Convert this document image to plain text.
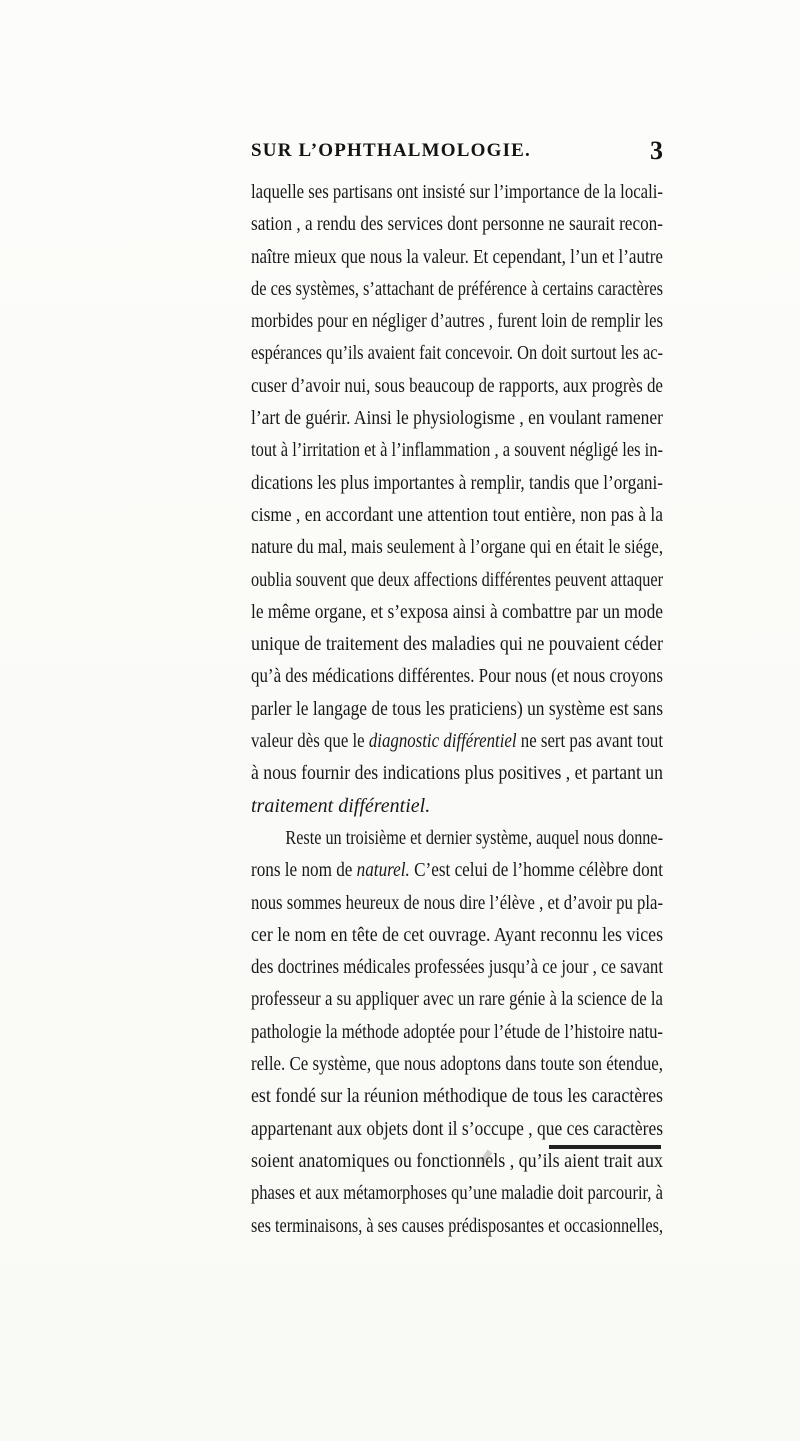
SUR L’OPHTHALMOLOGIE.	3

laquelle ses partisans ont insisté sur l’importance de la locali-
sation , a rendu des services dont personne ne saurait recon-
naître mieux que nous la valeur. Et cependant, l’un et l’autre
de ces systèmes, s’attachant de préférence à certains caractères
morbides pour en négliger d’autres , furent loin de remplir les
espérances qu’ils avaient fait concevoir. On doit surtout les ac-
cuser d’avoir nui, sous beaucoup de rapports, aux progrès de
l’art de guérir. Ainsi le physiologisme , en voulant ramener
tout à l’irritation et à l’inflammation , a souvent négligé les in-
dications les plus importantes à remplir, tandis que l’organi-
cisme , en accordant une attention tout entière, non pas à la
nature du mal, mais seulement à l’organe qui en était le siége,
oublia souvent que deux affections différentes peuvent attaquer
le même organe, et s’exposa ainsi à combattre par un mode
unique de traitement des maladies qui ne pouvaient céder
qu’à des médications différentes. Pour nous (et nous croyons
parler le langage de tous les praticiens) un système est sans
valeur dès que le diagnostic différentiel ne sert pas avant tout
à nous fournir des indications plus positives , et partant un
traitement différentiel.

Reste un troisième et dernier système, auquel nous donne-
rons le nom de naturel. C’est celui de l’homme célèbre dont
nous sommes heureux de nous dire l’élève , et d’avoir pu pla-
cer le nom en tête de cet ouvrage. Ayant reconnu les vices
des doctrines médicales professées jusqu’à ce jour , ce savant
professeur a su appliquer avec un rare génie à la science de la
pathologie la méthode adoptée pour l’étude de l’histoire natu-
relle. Ce système, que nous adoptons dans toute son étendue,
est fondé sur la réunion méthodique de tous les caractères
appartenant aux objets dont il s’occupe , que ces caractères
soient anatomiques ou fonctionnels , qu’ils aient trait aux
phases et aux métamorphoses qu’une maladie doit parcourir, à
ses terminaisons, à ses causes prédisposantes et occasionnelles,
